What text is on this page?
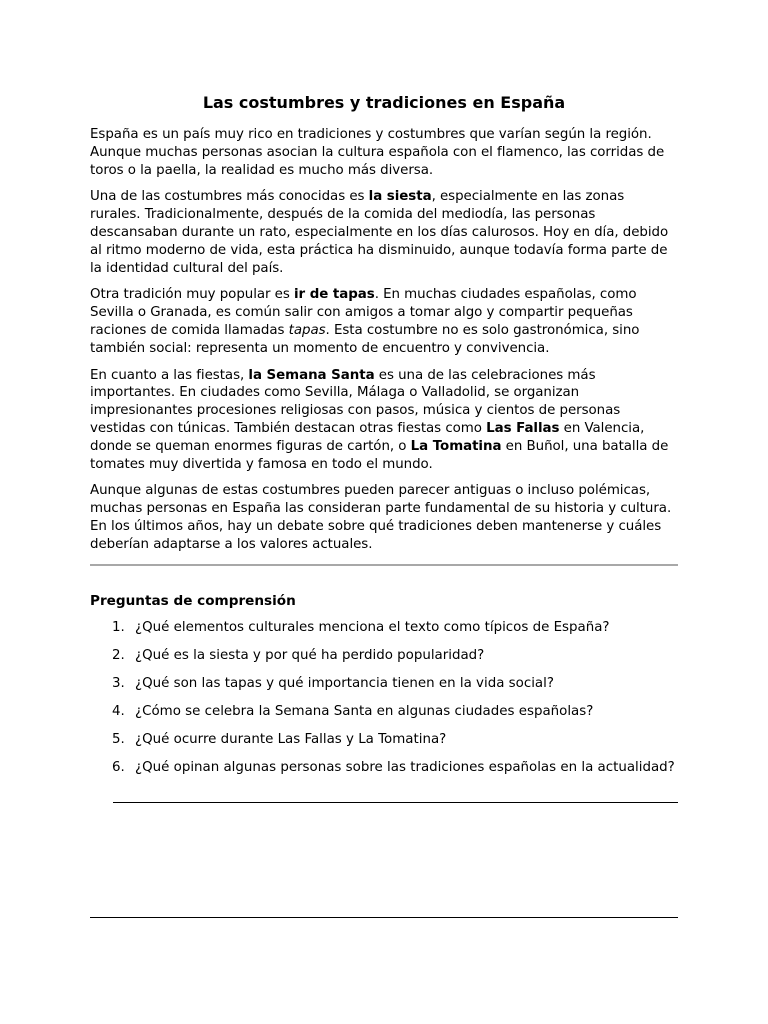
Las costumbres y tradiciones en España

España es un país muy rico en tradiciones y costumbres que varían según la región. Aunque muchas personas asocian la cultura española con el flamenco, las corridas de toros o la paella, la realidad es mucho más diversa.

Una de las costumbres más conocidas es la siesta, especialmente en las zonas rurales. Tradicionalmente, después de la comida del mediodía, las personas descansaban durante un rato, especialmente en los días calurosos. Hoy en día, debido al ritmo moderno de vida, esta práctica ha disminuido, aunque todavía forma parte de la identidad cultural del país.

Otra tradición muy popular es ir de tapas. En muchas ciudades españolas, como Sevilla o Granada, es común salir con amigos a tomar algo y compartir pequeñas raciones de comida llamadas tapas. Esta costumbre no es solo gastronómica, sino también social: representa un momento de encuentro y convivencia.

En cuanto a las fiestas, la Semana Santa es una de las celebraciones más importantes. En ciudades como Sevilla, Málaga o Valladolid, se organizan impresionantes procesiones religiosas con pasos, música y cientos de personas vestidas con túnicas. También destacan otras fiestas como Las Fallas en Valencia, donde se queman enormes figuras de cartón, o La Tomatina en Buñol, una batalla de tomates muy divertida y famosa en todo el mundo.

Aunque algunas de estas costumbres pueden parecer antiguas o incluso polémicas, muchas personas en España las consideran parte fundamental de su historia y cultura. En los últimos años, hay un debate sobre qué tradiciones deben mantenerse y cuáles deberían adaptarse a los valores actuales.

Preguntas de comprensión
1. ¿Qué elementos culturales menciona el texto como típicos de España?
2. ¿Qué es la siesta y por qué ha perdido popularidad?
3. ¿Qué son las tapas y qué importancia tienen en la vida social?
4. ¿Cómo se celebra la Semana Santa en algunas ciudades españolas?
5. ¿Qué ocurre durante Las Fallas y La Tomatina?
6. ¿Qué opinan algunas personas sobre las tradiciones españolas en la actualidad?
